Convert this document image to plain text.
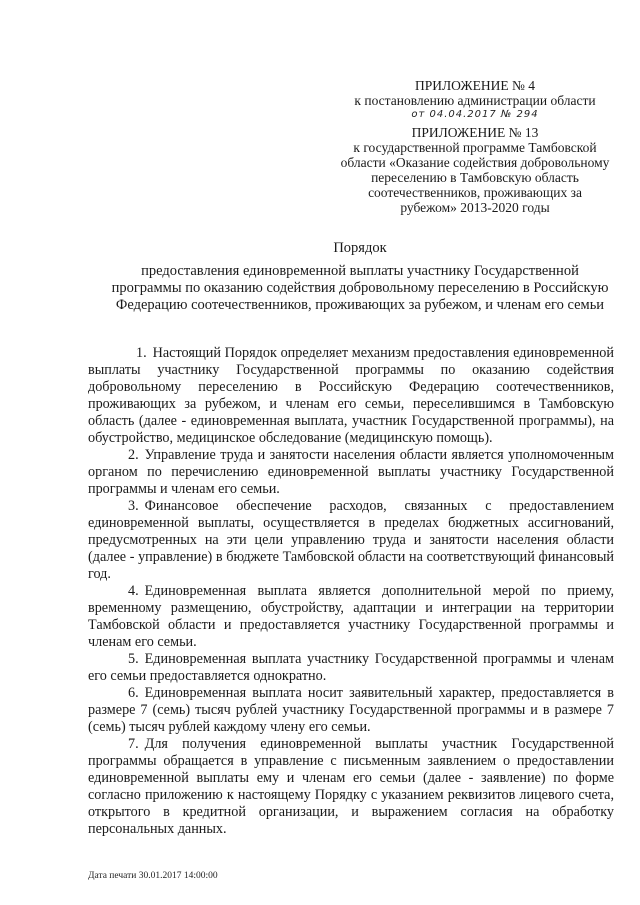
ПРИЛОЖЕНИЕ № 4
к постановлению администрации области
от 04.04.2017 № 294
ПРИЛОЖЕНИЕ № 13
к государственной программе Тамбовской
области «Оказание содействия добровольному
переселению в Тамбовскую область
соотечественников, проживающих за
рубежом» 2013-2020 годы
Порядок
предоставления единовременной выплаты участнику Государственной
программы по оказанию содействия добровольному переселению в Российскую
Федерацию соотечественников, проживающих за рубежом, и членам его семьи

1. Настоящий Порядок определяет механизм предоставления единовременной выплаты участнику Государственной программы по оказанию содействия добровольному переселению в Российскую Федерацию соотечественников, проживающих за рубежом, и членам его семьи, переселившимся в Тамбовскую область (далее - единовременная выплата, участник Государственной программы), на обустройство, медицинское обследование (медицинскую помощь).

2. Управление труда и занятости населения области является уполномоченным органом по перечислению единовременной выплаты участнику Государственной программы и членам его семьи.

3. Финансовое обеспечение расходов, связанных с предоставлением единовременной выплаты, осуществляется в пределах бюджетных ассигнований, предусмотренных на эти цели управлению труда и занятости населения области (далее - управление) в бюджете Тамбовской области на соответствующий финансовый год.

4. Единовременная выплата является дополнительной мерой по приему, временному размещению, обустройству, адаптации и интеграции на территории Тамбовской области и предоставляется участнику Государственной программы и членам его семьи.

5. Единовременная выплата участнику Государственной программы и членам его семьи предоставляется однократно.

6. Единовременная выплата носит заявительный характер, предоставляется в размере 7 (семь) тысяч рублей участнику Государственной программы и в размере 7 (семь) тысяч рублей каждому члену его семьи.

7. Для получения единовременной выплаты участник Государственной программы обращается в управление с письменным заявлением о предоставлении единовременной выплаты ему и членам его семьи (далее - заявление) по форме согласно приложению к настоящему Порядку с указанием реквизитов лицевого счета, открытого в кредитной организации, и выражением согласия на обработку персональных данных.

Дата печати 30.01.2017 14:00:00
